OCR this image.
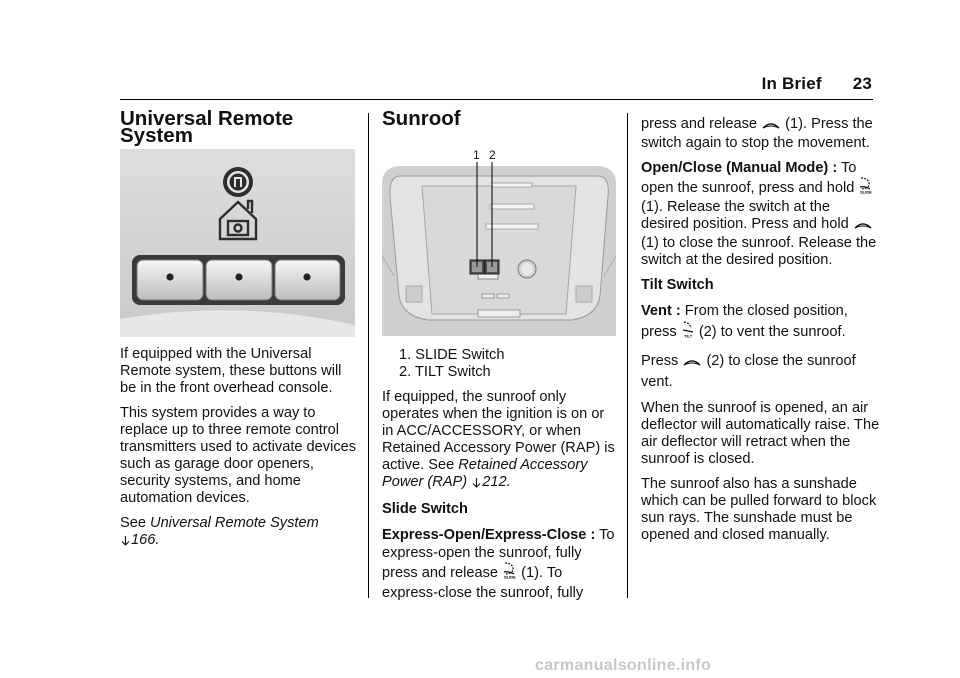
In Brief 23
Universal Remote System

If equipped with the Universal Remote system, these buttons will be in the front overhead console.

This system provides a way to replace up to three remote control transmitters used to activate devices such as garage door openers, security systems, and home automation devices.

See Universal Remote System
166.

Sunroof
1 2
1. SLIDE Switch
2. TILT Switch

If equipped, the sunroof only operates when the ignition is on or in ACC/ACCESSORY, or when Retained Accessory Power (RAP) is active. See Retained Accessory Power (RAP) 212.

Slide Switch

Express-Open/Express-Close : To express-open the sunroof, fully press and release SLIDE (1). To express-close the sunroof, fully

press and release (1). Press the switch again to stop the movement.

Open/Close (Manual Mode) : To open the sunroof, press and hold SLIDE
(1). Release the switch at the desired position. Press and hold  (1) to close the sunroof. Release the switch at the desired position.

Tilt Switch

Vent : From the closed position, press TILT (2) to vent the sunroof.

Press (2) to close the sunroof vent.

When the sunroof is opened, an air deflector will automatically raise. The air deflector will retract when the sunroof is closed.

The sunroof also has a sunshade which can be pulled forward to block sun rays. The sunshade must be opened and closed manually.

carmanualsonline.info
